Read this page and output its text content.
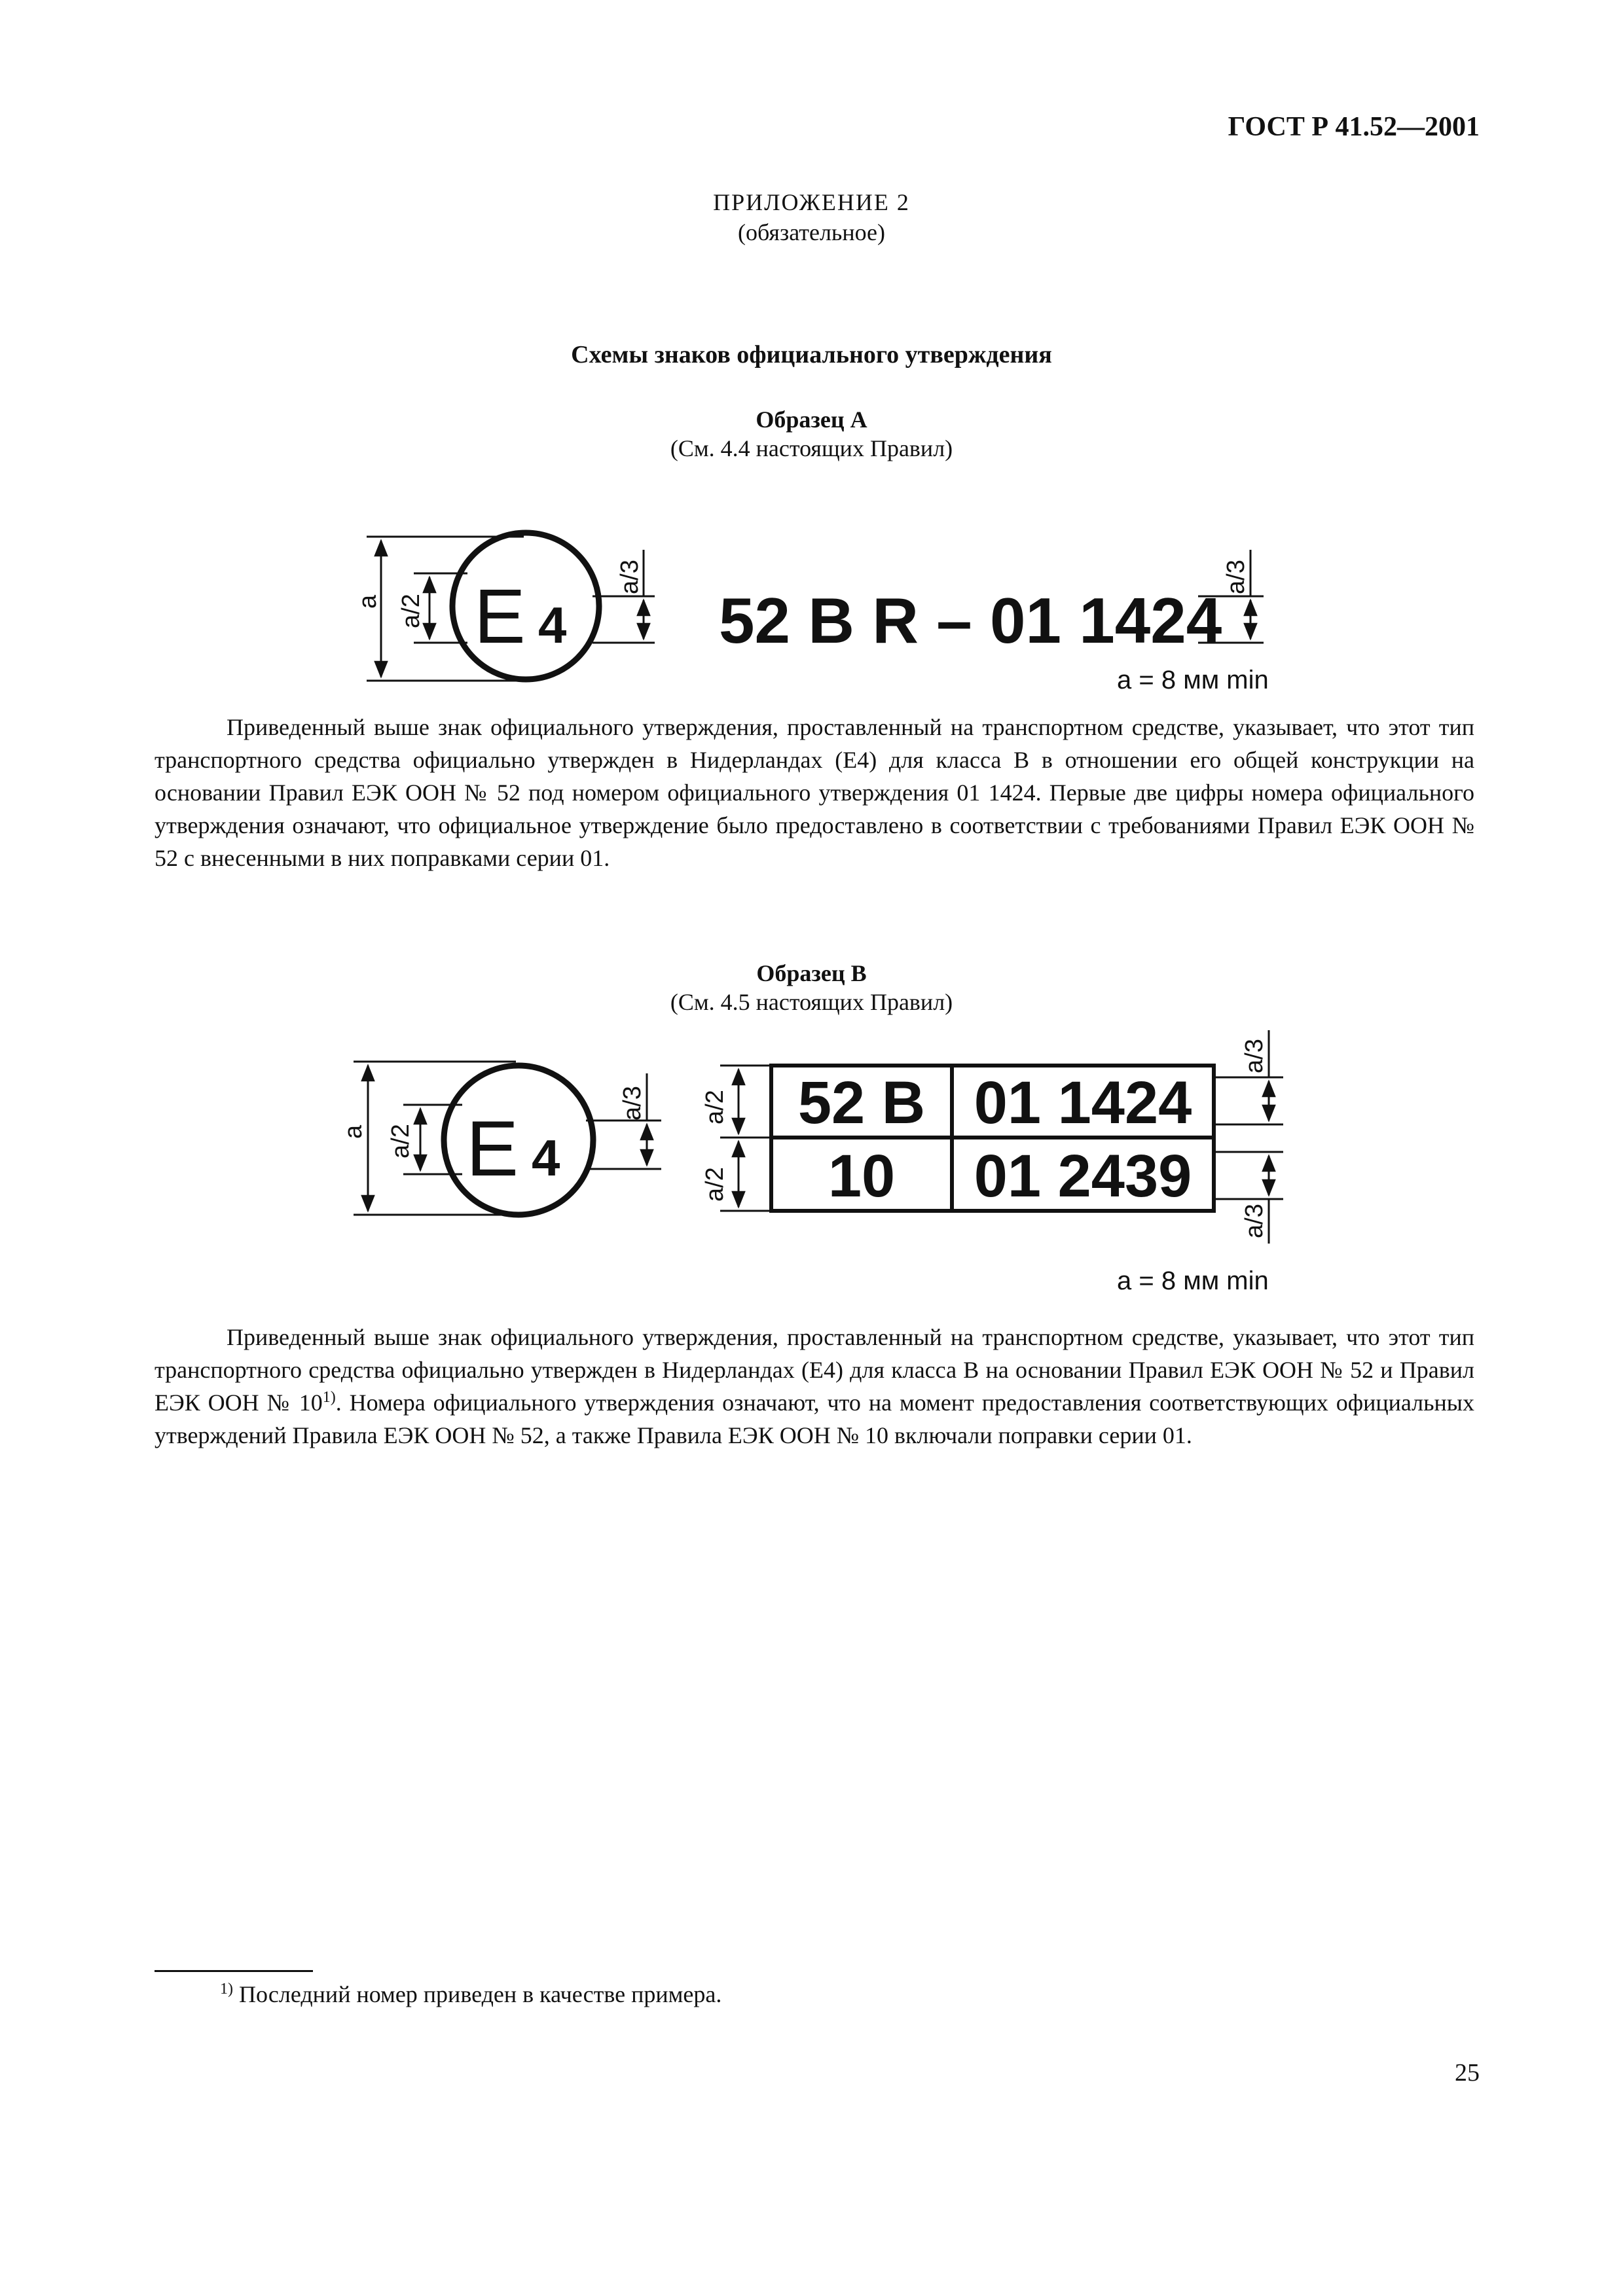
ГОСТ Р 41.52—2001
ПРИЛОЖЕНИЕ 2
(обязательное)
Схемы знаков официального утверждения
Образец А
(См. 4.4 настоящих Правил)
E 4 52 B R – 01 1424
a = 8 мм min
a a/2
a/3	a/3
E 4
52 B 01 1424
10 01 2439
a = 8 мм min
a a/2
a/3 a/2
a/2
a/3
a/3

Приведенный выше знак официального утверждения, проставленный на транспортном средстве, указывает, что этот тип транспортного средства официально утвержден в Нидерландах (Е4) для класса В в отношении его общей конструкции на основании Правил ЕЭК ООН № 52 под номером официального утверждения 01 1424. Первые две цифры номера официального утверждения означают, что официальное утверждение было предоставлено в соответствии с требованиями Правил ЕЭК ООН № 52 с внесенными в них поправками серии 01.

Образец В
(См. 4.5 настоящих Правил)

Приведенный выше знак официального утверждения, проставленный на транспортном средстве, указывает, что этот тип транспортного средства официально утвержден в Нидерландах (Е4) для класса В на основании Правил ЕЭК ООН № 52 и Правил ЕЭК ООН № 10$^{1)}$. Номера официального утверждения означают, что на момент предоставления соответствующих официальных утверждений Правила ЕЭК ООН № 52, а также Правила ЕЭК ООН № 10 включали поправки серии 01.

$^{1)}$ Последний номер приведен в качестве примера.
25
